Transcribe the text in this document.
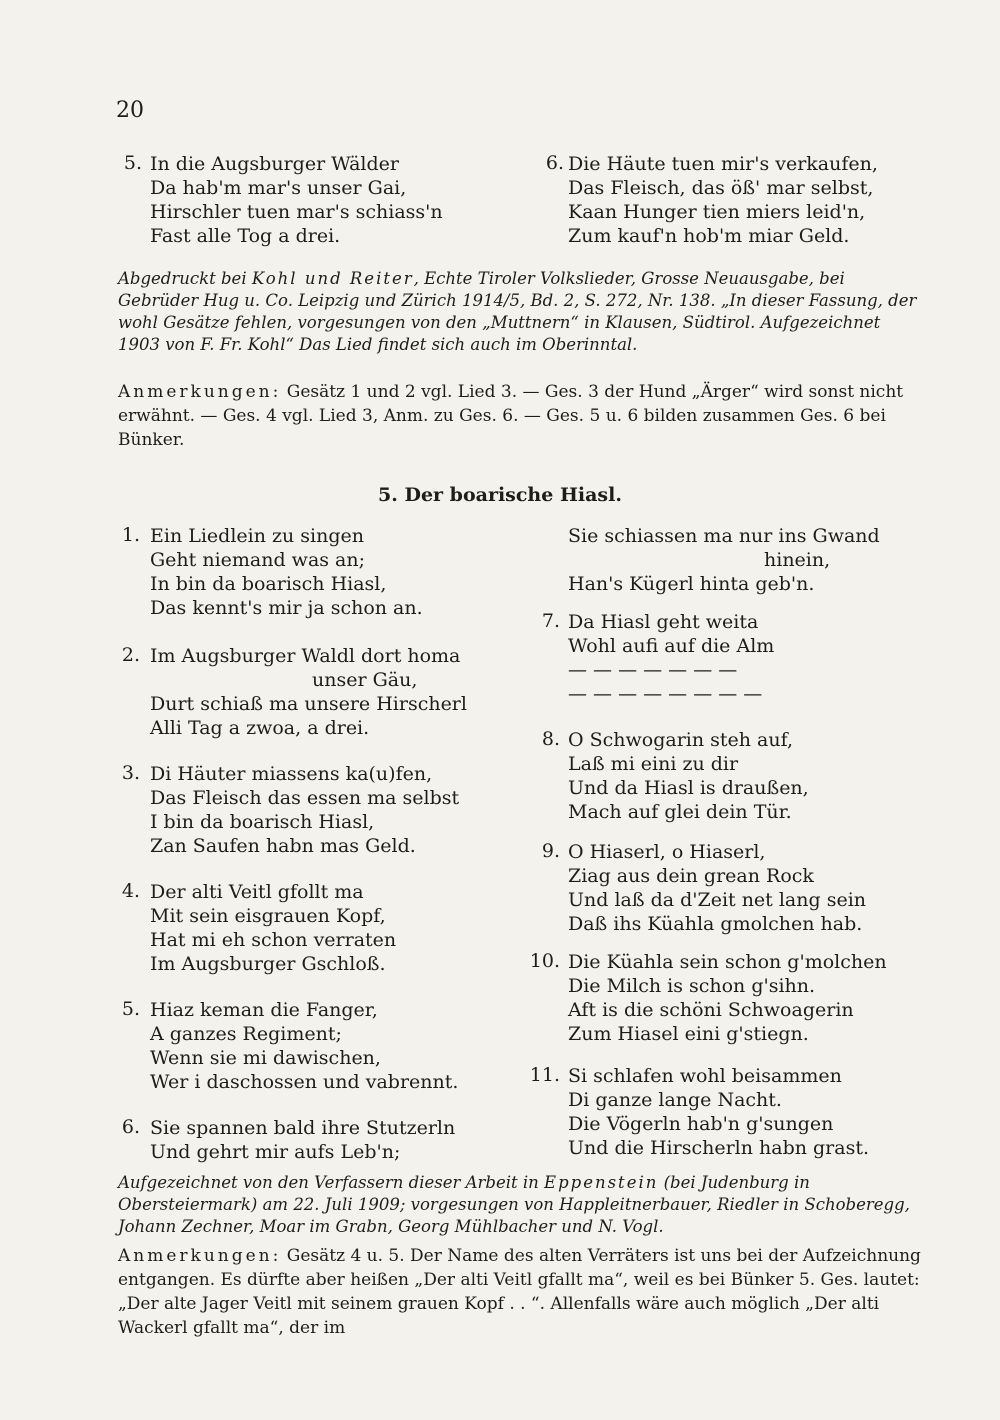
20
5. In die Augsburger Wälder
Da hab'm mar's unser Gai,
Hirschler tuen mar's schiass'n
Fast alle Tog a drei.
6. Die Häute tuen mir's verkaufen,
Das Fleisch, das öß' mar selbst,
Kaan Hunger tien miers leid'n,
Zum kauf'n hob'm miar Geld.
Abgedruckt bei Kohl und Reiter, Echte Tiroler Volkslieder, Grosse Neuausgabe, bei Gebrüder Hug u. Co. Leipzig und Zürich 1914/5, Bd. 2, S. 272, Nr. 138. „In dieser Fassung, der wohl Gesätze fehlen, vorgesungen von den „Muttnern“ in Klausen, Südtirol. Aufgezeichnet 1903 von F. Fr. Kohl“ Das Lied findet sich auch im Oberinntal.
Anmerkungen: Gesätz 1 und 2 vgl. Lied 3. — Ges. 3 der Hund „Ärger“ wird sonst nicht erwähnt. — Ges. 4 vgl. Lied 3, Anm. zu Ges. 6. — Ges. 5 u. 6 bilden zusammen Ges. 6 bei Bünker.
5. Der boarische Hiasl.
1. Ein Liedlein zu singen
Geht niemand was an;
In bin da boarisch Hiasl,
Das kennt's mir ja schon an.
2. Im Augsburger Waldl dort homa
unser Gäu,
Durt schiaß ma unsere Hirscherl
Alli Tag a zwoa, a drei.
3. Di Häuter miassens ka(u)fen,
Das Fleisch das essen ma selbst
I bin da boarisch Hiasl,
Zan Saufen habn mas Geld.
4. Der alti Veitl gfollt ma
Mit sein eisgrauen Kopf,
Hat mi eh schon verraten
Im Augsburger Gschloß.
5. Hiaz keman die Fanger,
A ganzes Regiment;
Wenn sie mi dawischen,
Wer i daschossen und vabrennt.
6. Sie spannen bald ihre Stutzerln
Und gehrt mir aufs Leb'n;
Sie schiassen ma nur ins Gwand
hinein,
Han's Kügerl hinta geb'n.
7. Da Hiasl geht weita
Wohl aufi auf die Alm
— — — — — — —
— — — — — — — —
8. O Schwogarin steh auf,
Laß mi eini zu dir
Und da Hiasl is draußen,
Mach auf glei dein Tür.
9. O Hiaserl, o Hiaserl,
Ziag aus dein grean Rock
Und laß da d'Zeit net lang sein
Daß ihs Küahla gmolchen hab.
10. Die Küahla sein schon g'molchen
Die Milch is schon g'sihn.
Aft is die schöni Schwoagerin
Zum Hiasel eini g'stiegn.
11. Si schlafen wohl beisammen
Di ganze lange Nacht.
Die Vögerln hab'n g'sungen
Und die Hirscherln habn grast.
Aufgezeichnet von den Verfassern dieser Arbeit in Eppenstein (bei Judenburg in Obersteiermark) am 22. Juli 1909; vorgesungen von Happleitnerbauer, Riedler in Schoberegg, Johann Zechner, Moar im Grabn, Georg Mühlbacher und N. Vogl.
Anmerkungen: Gesätz 4 u. 5. Der Name des alten Verräters ist uns bei der Aufzeichnung entgangen. Es dürfte aber heißen „Der alti Veitl gfallt ma“, weil es bei Bünker 5. Ges. lautet: „Der alte Jager Veitl mit seinem grauen Kopf . . “. Allenfalls wäre auch möglich „Der alti Wackerl gfallt ma“, der im
